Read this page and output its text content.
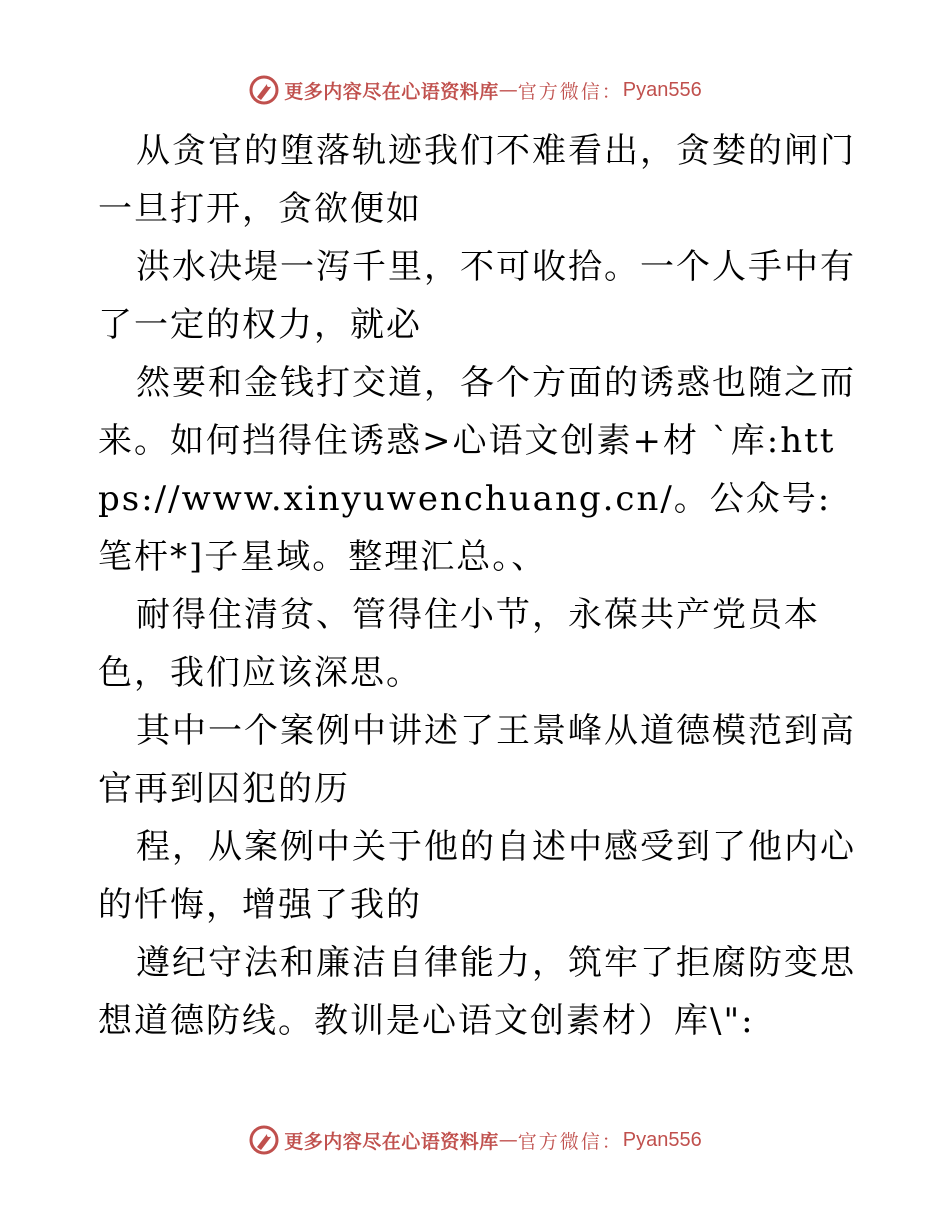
更多内容尽在心语资料库 — 官方微信： Pyan556

从贪官的堕落轨迹我们不难看出，贪婪的闸门一旦打开，贪欲便如

洪水决堤一泻千里，不可收拾。一个人手中有了一定的权力，就必

然要和金钱打交道，各个方面的诱惑也随之而来。如何挡得住诱惑>心语文创素+材 `库:https://www.xinyuwenchuang.cn/。公众号: 笔杆*]子星域。整理汇总。、

耐得住清贫、管得住小节，永葆共产党员本色，我们应该深思。

其中一个案例中讲述了王景峰从道德模范到高官再到囚犯的历

程，从案例中关于他的自述中感受到了他内心的忏悔，增强了我的

遵纪守法和廉洁自律能力，筑牢了拒腐防变思想道德防线。教训是心语文创素材）库\":

更多内容尽在心语资料库 — 官方微信： Pyan556
